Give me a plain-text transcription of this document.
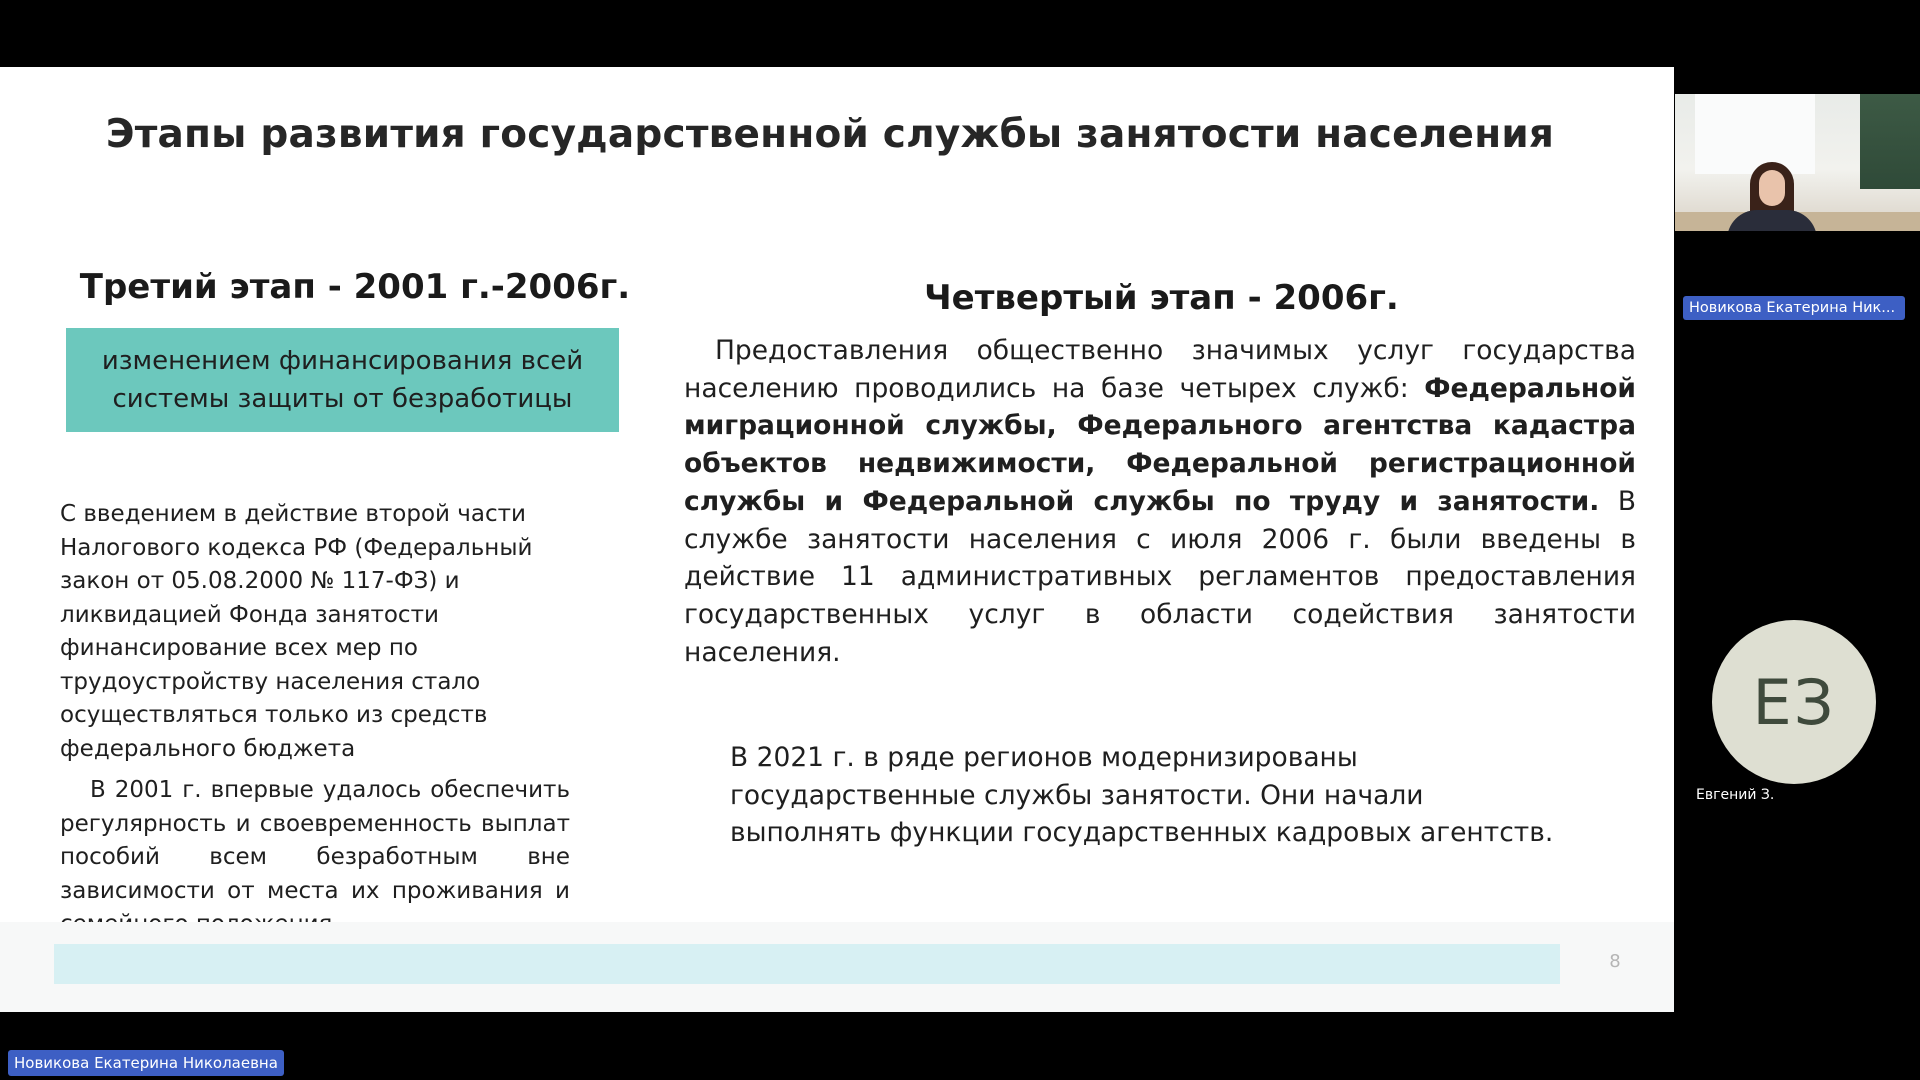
Этапы развития государственной службы занятости населения
Третий этап - 2001 г.-2006г.
изменением финансирования всей системы защиты от безработицы

С введением в действие второй части Налогового кодекса РФ (Федеральный закон от 05.08.2000 № 117-ФЗ) и ликвидацией Фонда занятости финансирование всех мер по трудоустройству населения стало осуществляться только из средств федерального бюджета

В 2001 г. впервые удалось обеспечить регулярность и своевременность выплат пособий всем безработным вне зависимости от места их проживания и

Четвертый этап - 2006г.

Предоставления общественно значимых услуг государства населению проводились на базе четырех служб: Федеральной миграционной службы, Федерального агентства кадастра объектов недвижимости, Федеральной регистрационной службы и Федеральной службы по труду и занятости. В службе занятости населения с июля 2006 г. были введены в действие 11 административных регламентов предоставления государственных услуг в области содействия занятости населения.

В 2021 г. в ряде регионов модернизированы государственные службы занятости. Они начали выполнять функции государственных кадровых агентств.

8
Новикова Екатерина Ник...
ЕЗ
Евгений З.
Новикова Екатерина Николаевна
